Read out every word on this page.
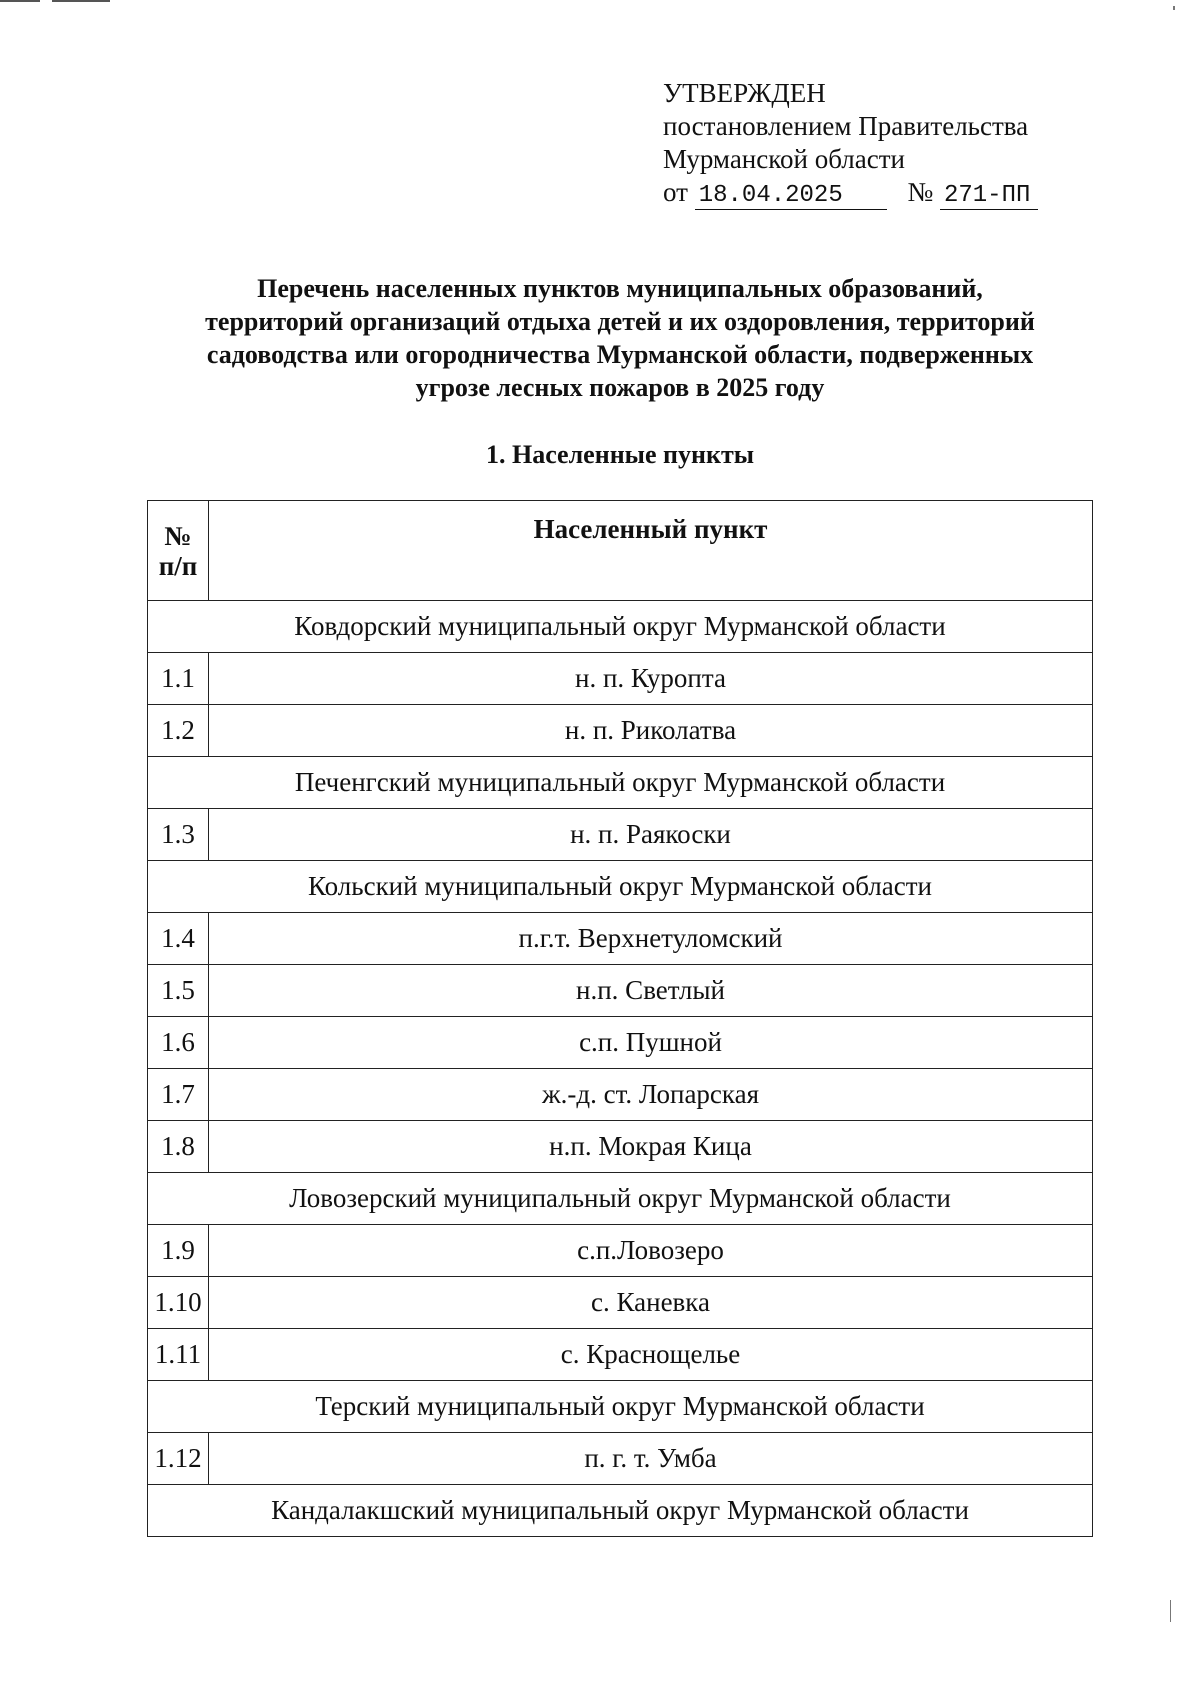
УТВЕРЖДЕН
постановлением Правительства
Мурманской области
от 18.04.2025 № 271-ПП
Перечень населенных пунктов муниципальных образований,
территорий организаций отдыха детей и их оздоровления, территорий
садоводства или огородничества Мурманской области, подверженных
угрозе лесных пожаров в 2025 году
1. Населенные пункты
№
п/п	Населенный пункт
Ковдорский муниципальный округ Мурманской области	
1.1	н. п. Куропта
1.2	н. п. Риколатва
Печенгский муниципальный округ Мурманской области	
1.3	н. п. Раякоски
Кольский муниципальный округ Мурманской области	
1.4	п.г.т. Верхнетуломский
1.5	н.п. Светлый
1.6	с.п. Пушной
1.7	ж.-д. ст. Лопарская
1.8	н.п. Мокрая Кица
Ловозерский муниципальный округ Мурманской области	
1.9	с.п.Ловозеро
1.10	с. Каневка
1.11	с. Краснощелье
Терский муниципальный округ Мурманской области	
1.12	п. г. т. Умба
Кандалакшский муниципальный округ Мурманской области	
